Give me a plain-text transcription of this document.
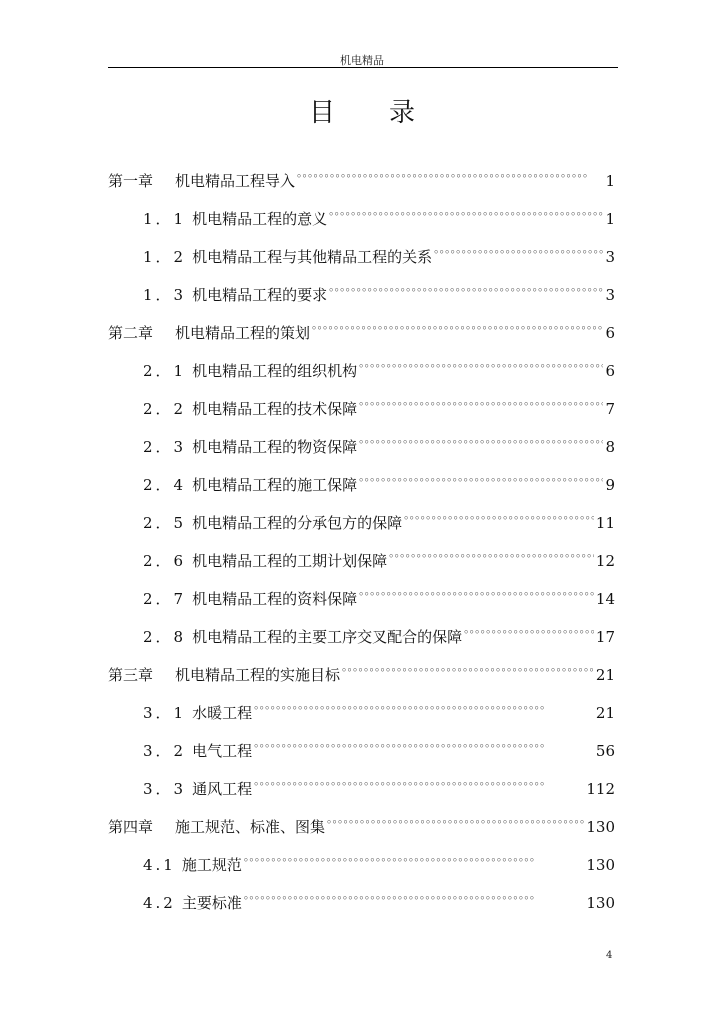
机电精品
目录
第一章 机电精品工程导入 。。。。。。。。。。。。。。。。。。。。。。。。。。。。。。。。。。。。。。。。。。。。。。。。。。。。。	1
1．1 机电精品工程的意义 。。。。。。。。。。。。。。。。。。。。。。。。。。。。。。。。。。。。。。。。。。。。。。。。。。。。。	1
1．2 机电精品工程与其他精品工程的关系 。。。。。。。。。。。。。。。。。。。。。。。。。。。。。。。。。。。。。。。。。。。。。。。。。。。。。	3
1．3 机电精品工程的要求 。。。。。。。。。。。。。。。。。。。。。。。。。。。。。。。。。。。。。。。。。。。。。。。。。。。。。	3
第二章 机电精品工程的策划 。。。。。。。。。。。。。。。。。。。。。。。。。。。。。。。。。。。。。。。。。。。。。。。。。。。。。	6
2．1 机电精品工程的组织机构 。。。。。。。。。。。。。。。。。。。。。。。。。。。。。。。。。。。。。。。。。。。。。。。。。。。。。	6
2．2 机电精品工程的技术保障 。。。。。。。。。。。。。。。。。。。。。。。。。。。。。。。。。。。。。。。。。。。。。。。。。。。。。	7
2．3 机电精品工程的物资保障 。。。。。。。。。。。。。。。。。。。。。。。。。。。。。。。。。。。。。。。。。。。。。。。。。。。。。	8
2．4 机电精品工程的施工保障 。。。。。。。。。。。。。。。。。。。。。。。。。。。。。。。。。。。。。。。。。。。。。。。。。。。。。	9
2．5 机电精品工程的分承包方的保障 。。。。。。。。。。。。。。。。。。。。。。。。。。。。。。。。。。。。。。。。。。。。。。。。。。。。。	11
2．6 机电精品工程的工期计划保障 。。。。。。。。。。。。。。。。。。。。。。。。。。。。。。。。。。。。。。。。。。。。。。。。。。。。。	12
2．7 机电精品工程的资料保障 。。。。。。。。。。。。。。。。。。。。。。。。。。。。。。。。。。。。。。。。。。。。。。。。。。。。。	14
2．8 机电精品工程的主要工序交叉配合的保障 。。。。。。。。。。。。。。。。。。。。。。。。。。。。。。。。。。。。。。。。。。。。。。。。。。。。。	17
第三章 机电精品工程的实施目标 。。。。。。。。。。。。。。。。。。。。。。。。。。。。。。。。。。。。。。。。。。。。。。。。。。。。。	21
3．1 水暖工程 。。。。。。。。。。。。。。。。。。。。。。。。。。。。。。。。。。。。。。。。。。。。。。。。。。。。。	21
3．2 电气工程 。。。。。。。。。。。。。。。。。。。。。。。。。。。。。。。。。。。。。。。。。。。。。。。。。。。。。	56
3．3 通风工程 。。。。。。。。。。。。。。。。。。。。。。。。。。。。。。。。。。。。。。。。。。。。。。。。。。。。。	112
第四章 施工规范、标准、图集 。。。。。。。。。。。。。。。。。。。。。。。。。。。。。。。。。。。。。。。。。。。。。。。。。。。。。	130
4.1 施工规范 。。。。。。。。。。。。。。。。。。。。。。。。。。。。。。。。。。。。。。。。。。。。。。。。。。。。。	130
4.2 主要标准 。。。。。。。。。。。。。。。。。。。。。。。。。。。。。。。。。。。。。。。。。。。。。。。。。。。。。	130
4
